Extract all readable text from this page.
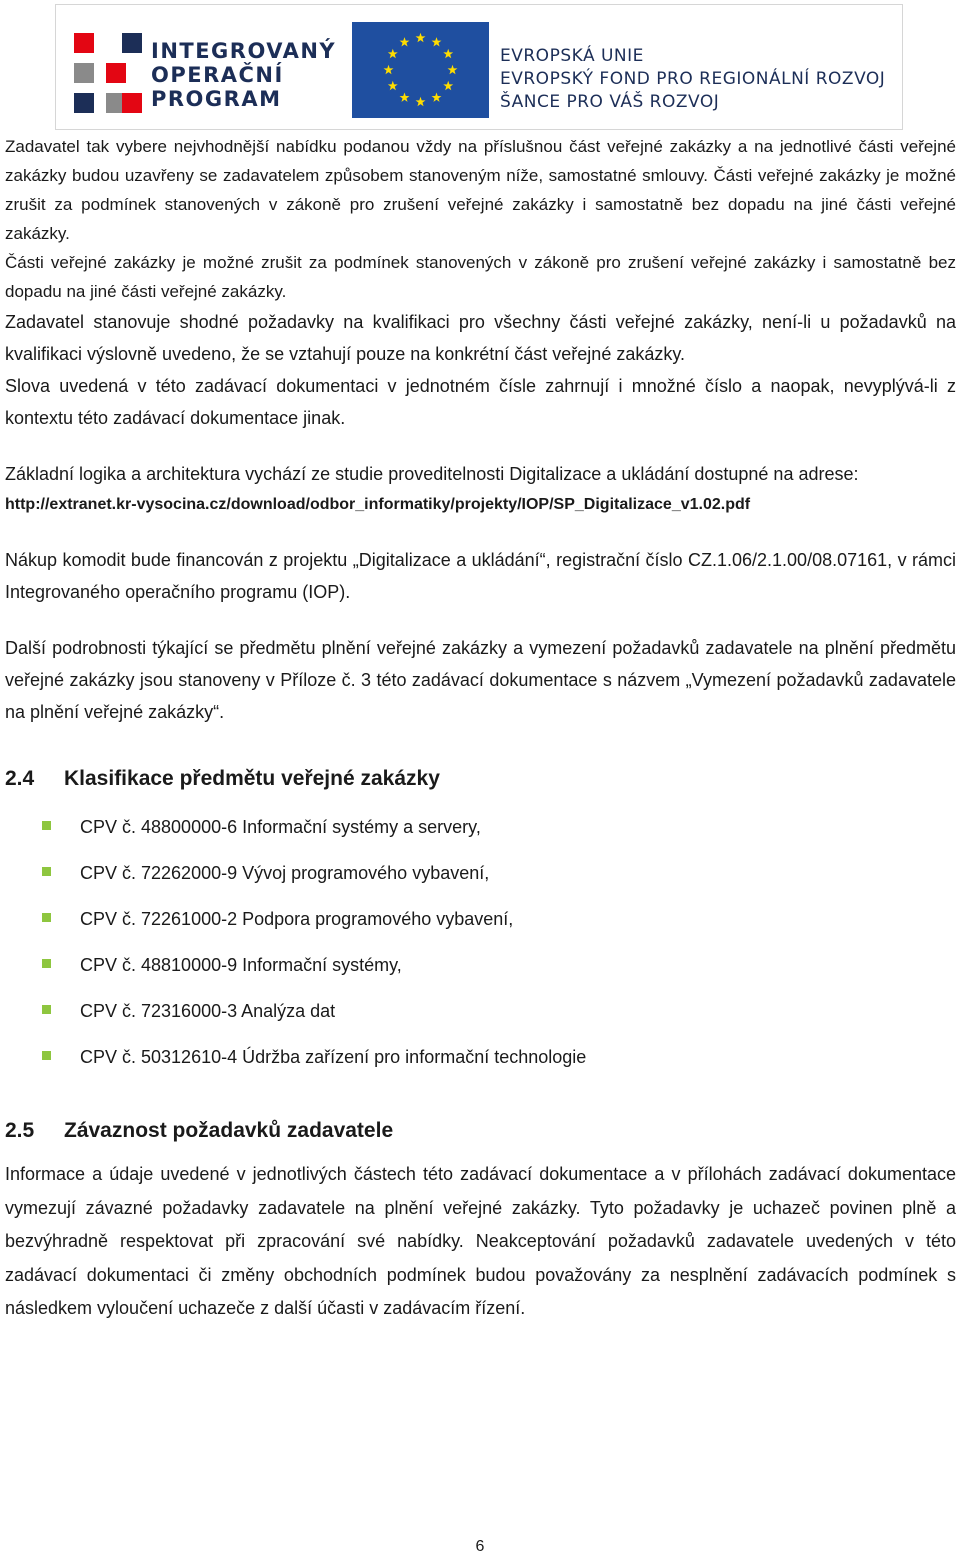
INTEGROVANÝ
OPERAČNÍ
PROGRAM
EVROPSKÁ UNIE
EVROPSKÝ FOND PRO REGIONÁLNÍ ROZVOJ
ŠANCE PRO VÁŠ ROZVOJ

Zadavatel tak vybere nejvhodnější nabídku podanou vždy na příslušnou část veřejné zakázky a na jednotlivé části veřejné zakázky budou uzavřeny se zadavatelem způsobem stanoveným níže, samostatné smlouvy. Části veřejné zakázky je možné zrušit za podmínek stanovených v zákoně pro zrušení veřejné zakázky i samostatně bez dopadu na jiné části veřejné zakázky.

Části veřejné zakázky je možné zrušit za podmínek stanovených v zákoně pro zrušení veřejné zakázky i samostatně bez dopadu na jiné části veřejné zakázky.

Zadavatel stanovuje shodné požadavky na kvalifikaci pro všechny části veřejné zakázky, není-li u požadavků na kvalifikaci výslovně uvedeno, že se vztahují pouze na konkrétní část veřejné zakázky.

Slova uvedená v této zadávací dokumentaci v jednotném čísle zahrnují i množné číslo a naopak, nevyplývá-li z kontextu této zadávací dokumentace jinak.

Základní logika a architektura vychází ze studie proveditelnosti Digitalizace a ukládání dostupné na adrese:

http://extranet.kr-vysocina.cz/download/odbor_informatiky/projekty/IOP/SP_Digitalizace_v1.02.pdf

Nákup komodit bude financován z projektu „Digitalizace a ukládání“, registrační číslo CZ.1.06/2.1.00/08.07161, v rámci Integrovaného operačního programu (IOP).

Další podrobnosti týkající se předmětu plnění veřejné zakázky a vymezení požadavků zadavatele na plnění předmětu veřejné zakázky jsou stanoveny v Příloze č. 3 této zadávací dokumentace s názvem „Vymezení požadavků zadavatele na plnění veřejné zakázky“.

2.4 Klasifikace předmětu veřejné zakázky
CPV č. 48800000-6 Informační systémy a servery,
CPV č. 72262000-9 Vývoj programového vybavení,
CPV č. 72261000-2 Podpora programového vybavení,
CPV č. 48810000-9 Informační systémy,
CPV č. 72316000-3 Analýza dat
CPV č. 50312610-4 Údržba zařízení pro informační technologie
2.5 Závaznost požadavků zadavatele

Informace a údaje uvedené v jednotlivých částech této zadávací dokumentace a v přílohách zadávací dokumentace vymezují závazné požadavky zadavatele na plnění veřejné zakázky. Tyto požadavky je uchazeč povinen plně a bezvýhradně respektovat při zpracování své nabídky. Neakceptování požadavků zadavatele uvedených v této zadávací dokumentaci či změny obchodních podmínek budou považovány za nesplnění zadávacích podmínek s následkem vyloučení uchazeče z další účasti v zadávacím řízení.

6
